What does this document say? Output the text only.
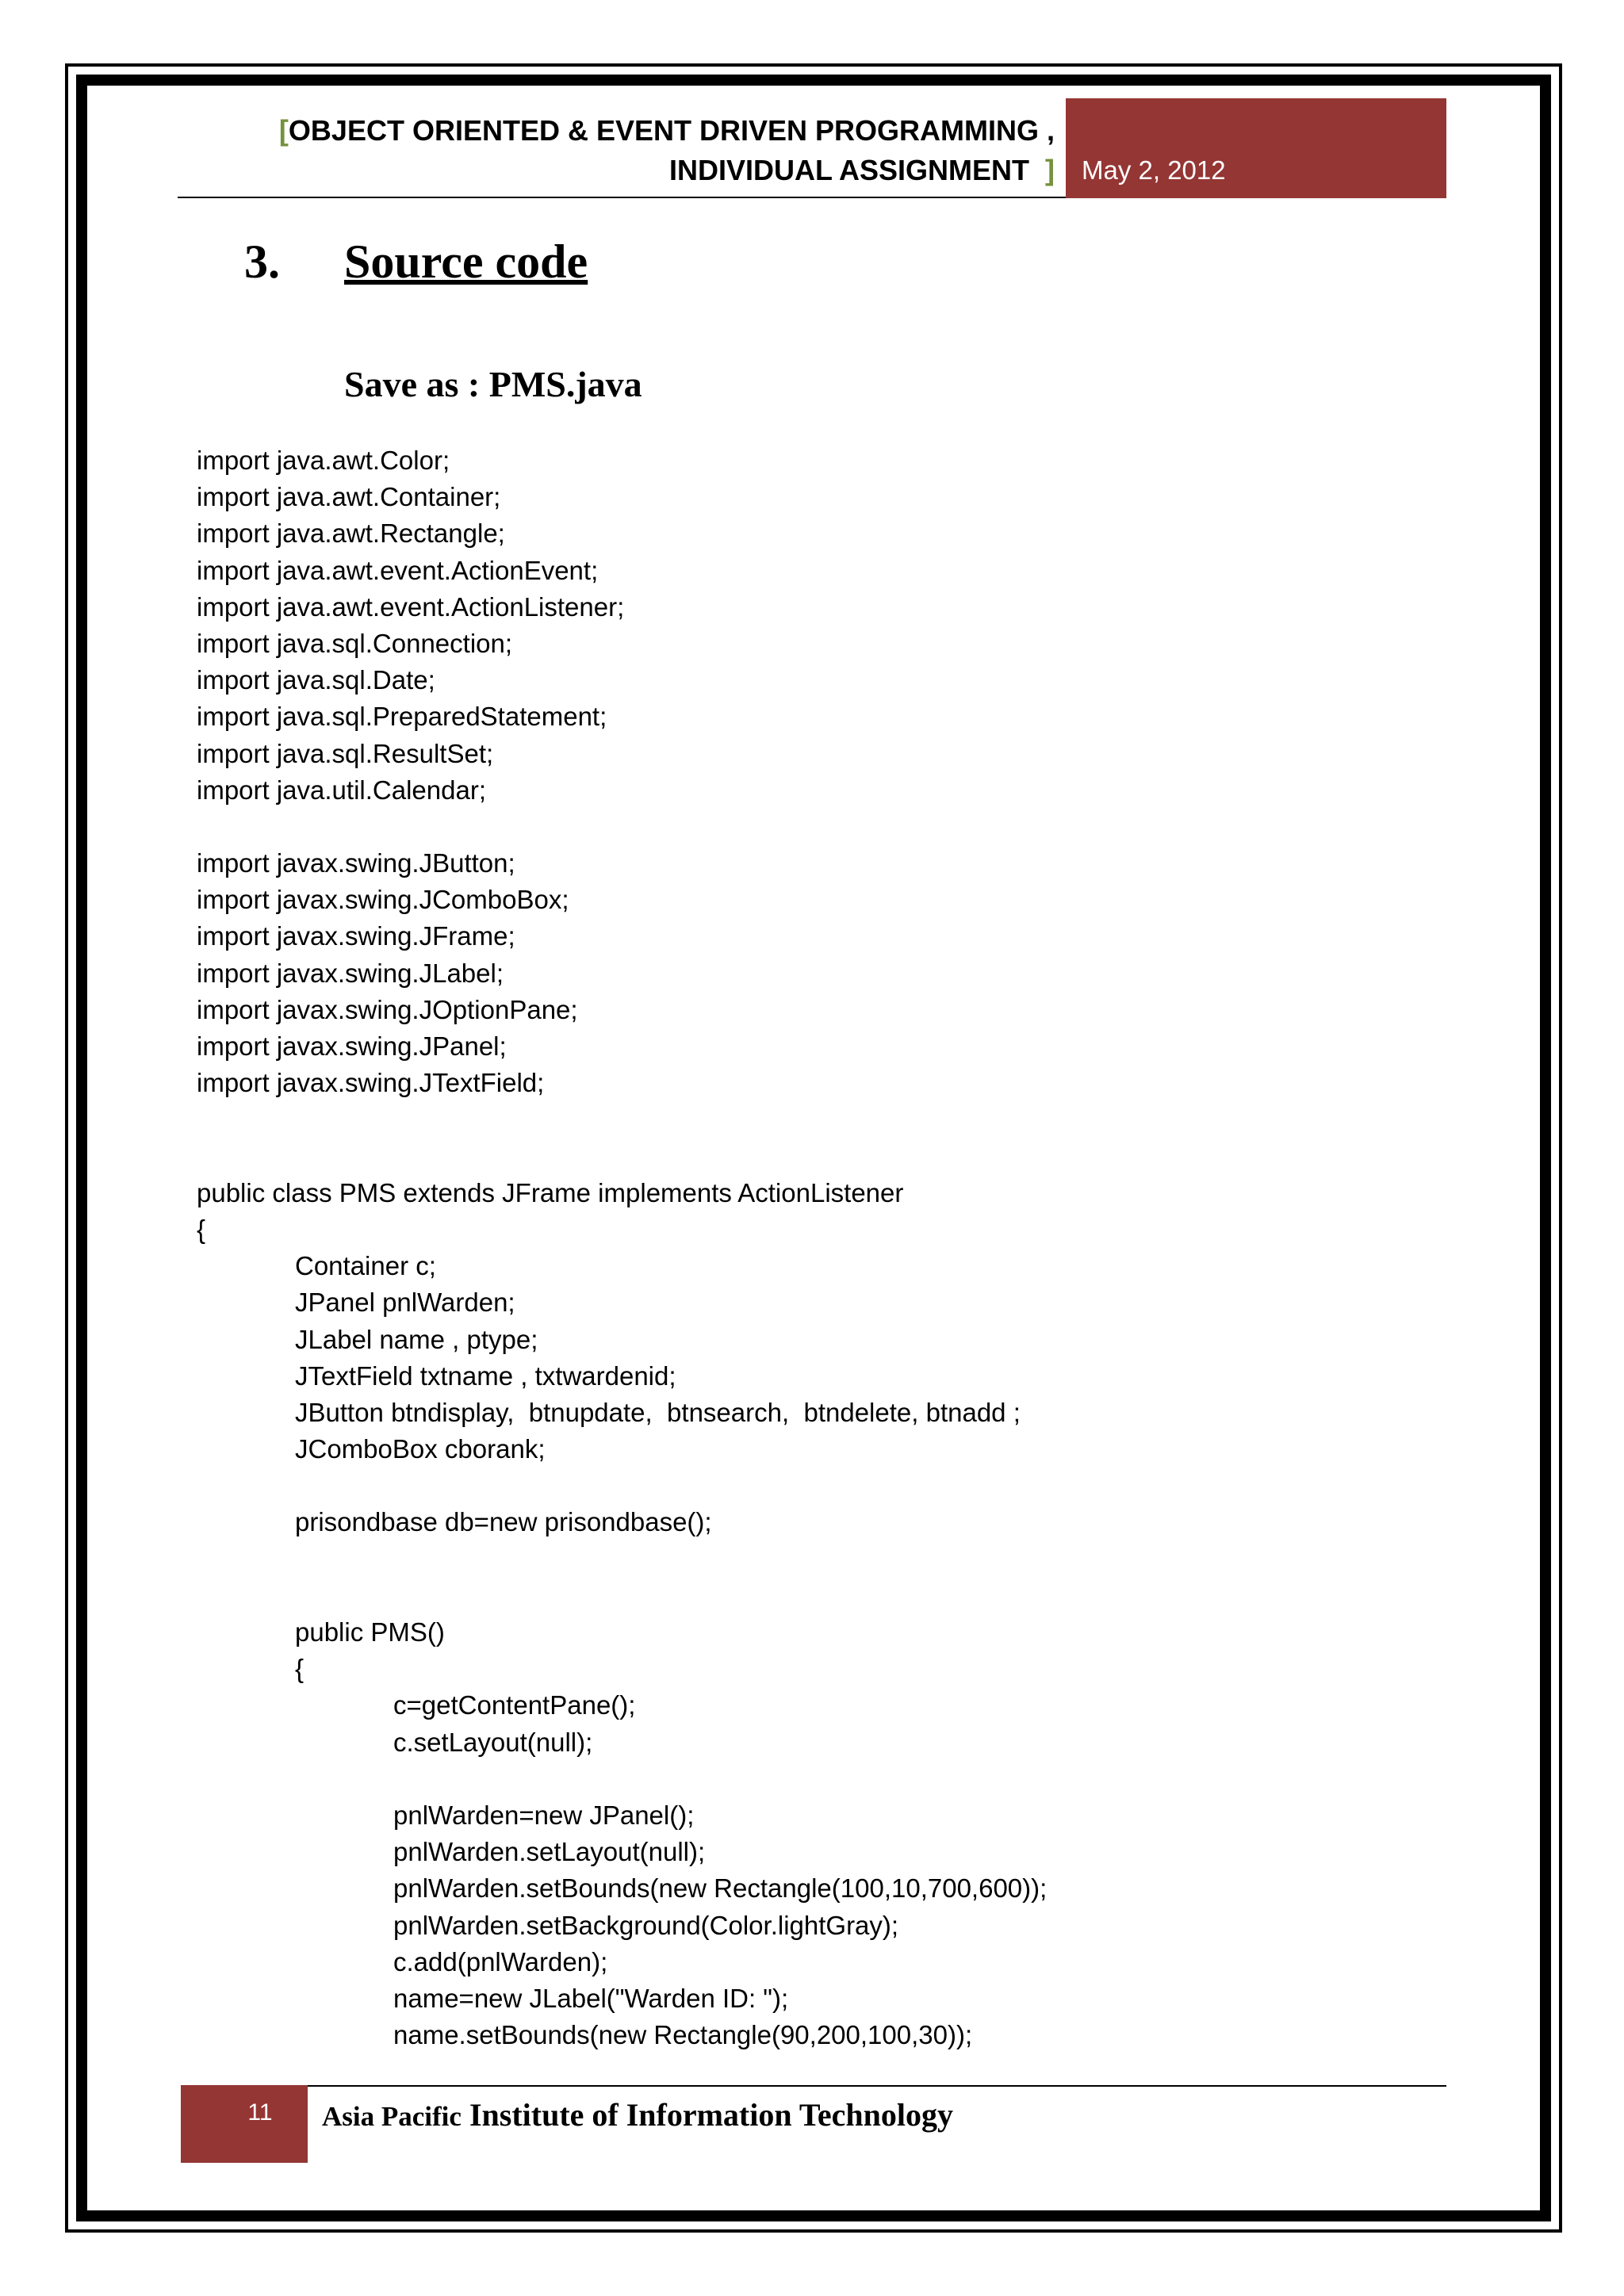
[OBJECT ORIENTED & EVENT DRIVEN PROGRAMMING ,
INDIVIDUAL ASSIGNMENT ] May 2, 2012
3. Source code
Save as : PMS.java
import java.awt.Color;
import java.awt.Container;
import java.awt.Rectangle;
import java.awt.event.ActionEvent;
import java.awt.event.ActionListener;
import java.sql.Connection;
import java.sql.Date;
import java.sql.PreparedStatement;
import java.sql.ResultSet;
import java.util.Calendar;
import javax.swing.JButton;
import javax.swing.JComboBox;
import javax.swing.JFrame;
import javax.swing.JLabel;
import javax.swing.JOptionPane;
import javax.swing.JPanel;
import javax.swing.JTextField;
public class PMS extends JFrame implements ActionListener
{
Container c;
JPanel pnlWarden;
JLabel name , ptype;
JTextField txtname , txtwardenid;
JButton btndisplay,  btnupdate,  btnsearch,  btndelete, btnadd ;
JComboBox cborank;
prisondbase db=new prisondbase();
public PMS()
{
c=getContentPane();
c.setLayout(null);
pnlWarden=new JPanel();
pnlWarden.setLayout(null);
pnlWarden.setBounds(new Rectangle(100,10,700,600));
pnlWarden.setBackground(Color.lightGray);
c.add(pnlWarden);
name=new JLabel("Warden ID: ");
name.setBounds(new Rectangle(90,200,100,30));
11 Asia Pacific Institute of Information Technology
